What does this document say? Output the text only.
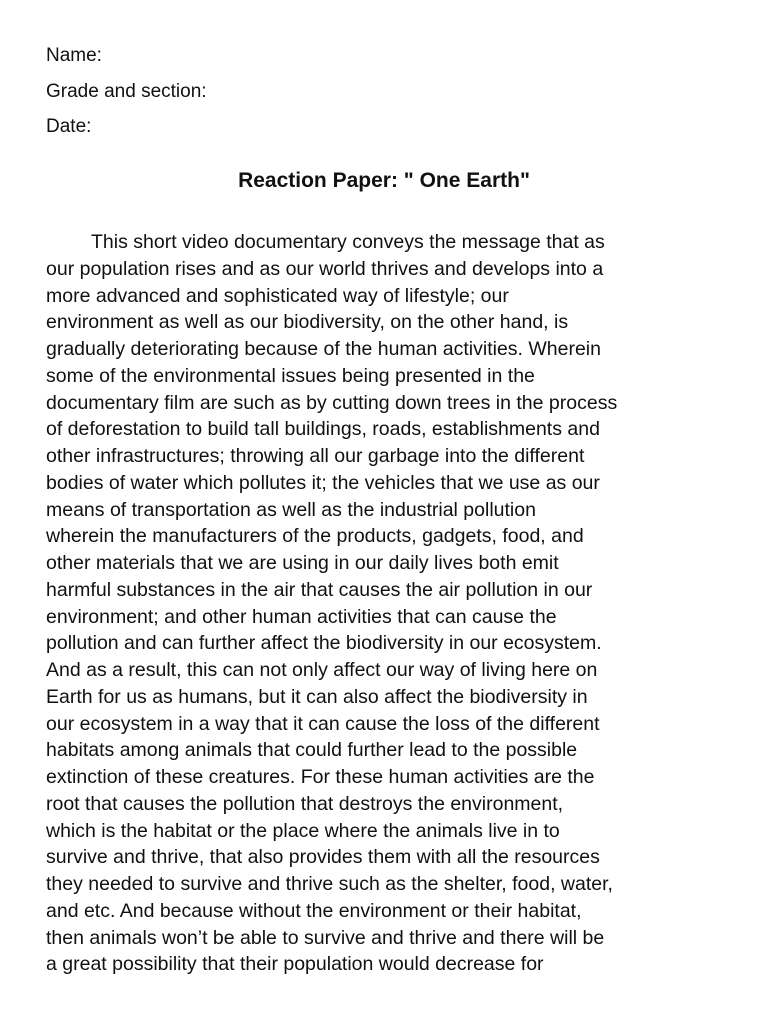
Name:
Grade and section:
Date:
Reaction Paper: " One Earth"
This short video documentary conveys the message that as
our population rises and as our world thrives and develops into a
more advanced and sophisticated way of lifestyle; our
environment as well as our biodiversity, on the other hand, is
gradually deteriorating because of the human activities. Wherein
some of the environmental issues being presented in the
documentary film are such as by cutting down trees in the process
of deforestation to build tall buildings, roads, establishments and
other infrastructures; throwing all our garbage into the different
bodies of water which pollutes it; the vehicles that we use as our
means of transportation as well as the industrial pollution
wherein the manufacturers of the products, gadgets, food, and
other materials that we are using in our daily lives both emit
harmful substances in the air that causes the air pollution in our
environment; and other human activities that can cause the
pollution and can further affect the biodiversity in our ecosystem.
And as a result, this can not only affect our way of living here on
Earth for us as humans, but it can also affect the biodiversity in
our ecosystem in a way that it can cause the loss of the different
habitats among animals that could further lead to the possible
extinction of these creatures. For these human activities are the
root that causes the pollution that destroys the environment,
which is the habitat or the place where the animals live in to
survive and thrive, that also provides them with all the resources
they needed to survive and thrive such as the shelter, food, water,
and etc. And because without the environment or their habitat,
then animals won’t be able to survive and thrive and there will be
a great possibility that their population would decrease for
